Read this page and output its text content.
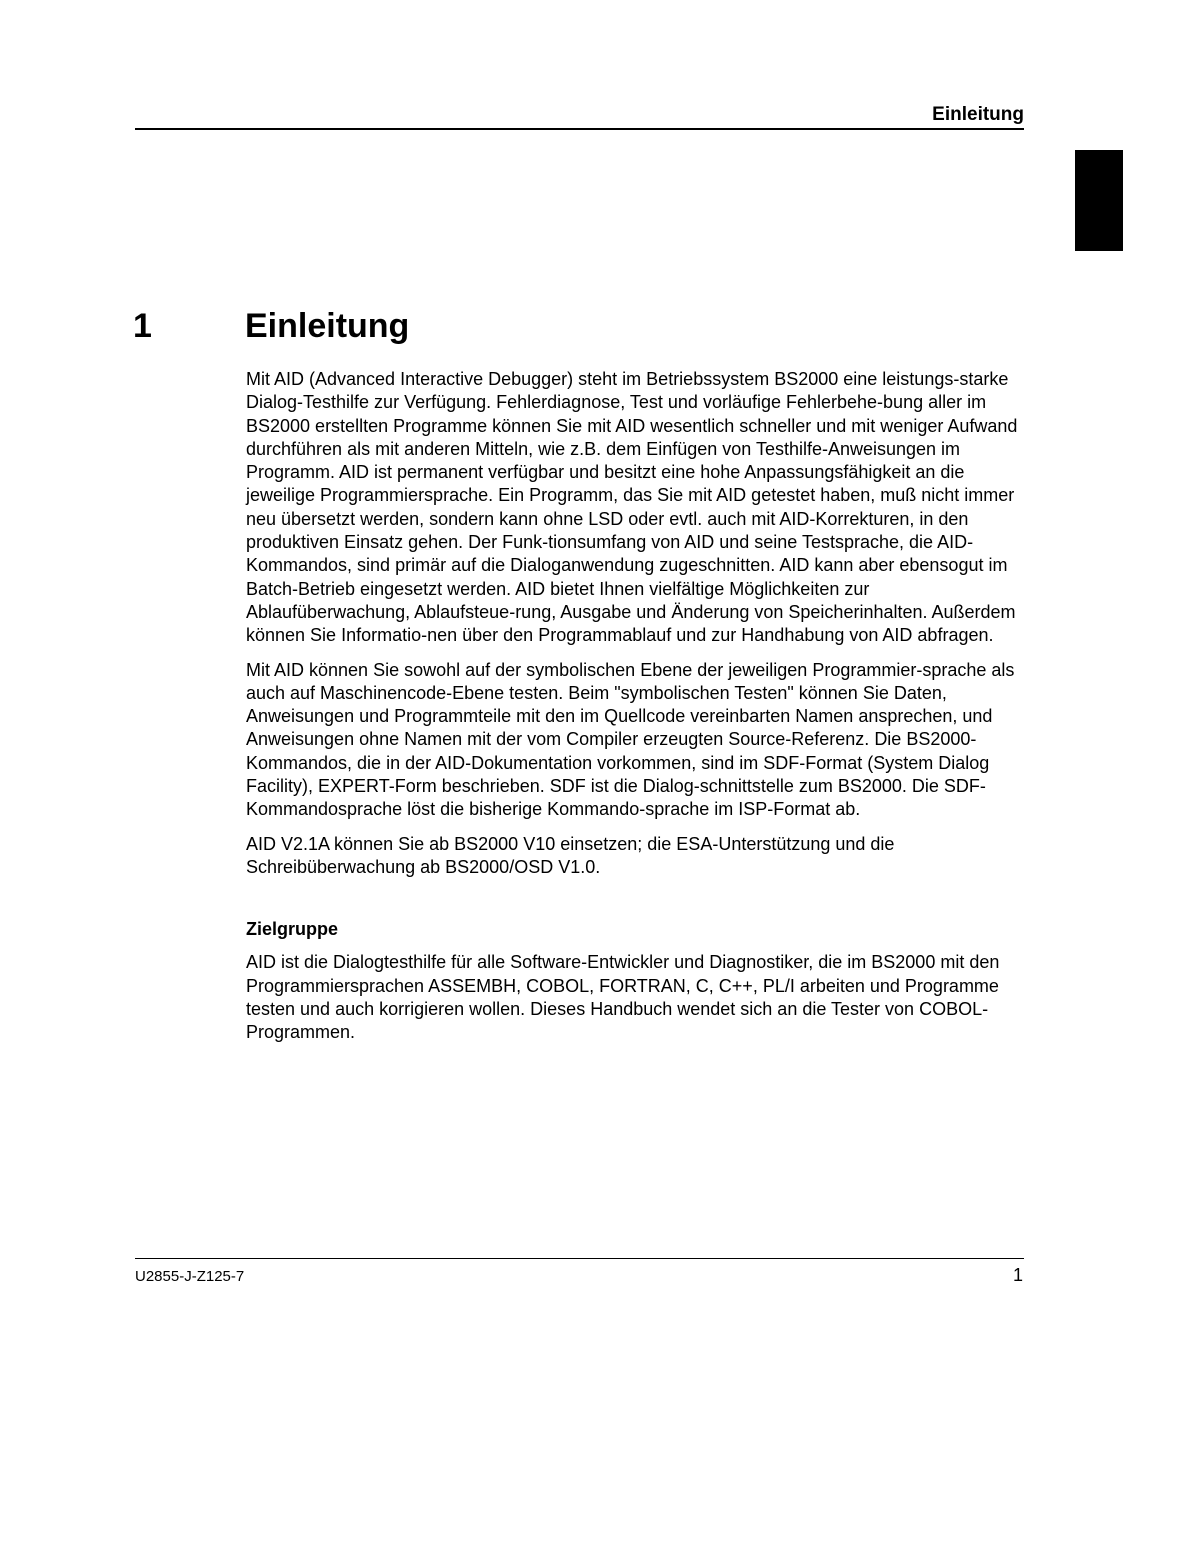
Einleitung
1	Einleitung

Mit AID (Advanced Interactive Debugger) steht im Betriebssystem BS2000 eine leistungs-starke Dialog-Testhilfe zur Verfügung. Fehlerdiagnose, Test und vorläufige Fehlerbehe-bung aller im BS2000 erstellten Programme können Sie mit AID wesentlich schneller und mit weniger Aufwand durchführen als mit anderen Mitteln, wie z.B. dem Einfügen von Testhilfe-Anweisungen im Programm. AID ist permanent verfügbar und besitzt eine hohe Anpassungsfähigkeit an die jeweilige Programmiersprache. Ein Programm, das Sie mit AID getestet haben, muß nicht immer neu übersetzt werden, sondern kann ohne LSD oder evtl. auch mit AID-Korrekturen, in den produktiven Einsatz gehen. Der Funk-tionsumfang von AID und seine Testsprache, die AID-Kommandos, sind primär auf die Dialoganwendung zugeschnitten. AID kann aber ebensogut im Batch-Betrieb eingesetzt werden. AID bietet Ihnen vielfältige Möglichkeiten zur Ablaufüberwachung, Ablaufsteue-rung, Ausgabe und Änderung von Speicherinhalten. Außerdem können Sie Informatio-nen über den Programmablauf und zur Handhabung von AID abfragen.

Mit AID können Sie sowohl auf der symbolischen Ebene der jeweiligen Programmier-sprache als auch auf Maschinencode-Ebene testen. Beim "symbolischen Testen" können Sie Daten, Anweisungen und Programmteile mit den im Quellcode vereinbarten Namen ansprechen, und Anweisungen ohne Namen mit der vom Compiler erzeugten Source-Referenz. Die BS2000-Kommandos, die in der AID-Dokumentation vorkommen, sind im SDF-Format (System Dialog Facility), EXPERT-Form beschrieben. SDF ist die Dialog-schnittstelle zum BS2000. Die SDF-Kommandosprache löst die bisherige Kommando-sprache im ISP-Format ab.

AID V2.1A können Sie ab BS2000 V10 einsetzen; die ESA-Unterstützung und die Schreibüberwachung ab BS2000/OSD V1.0.

Zielgruppe

AID ist die Dialogtesthilfe für alle Software-Entwickler und Diagnostiker, die im BS2000 mit den Programmiersprachen ASSEMBH, COBOL, FORTRAN, C, C++, PL/I arbeiten und Programme testen und auch korrigieren wollen. Dieses Handbuch wendet sich an die Tester von COBOL-Programmen.

U2855-J-Z125-7	1
